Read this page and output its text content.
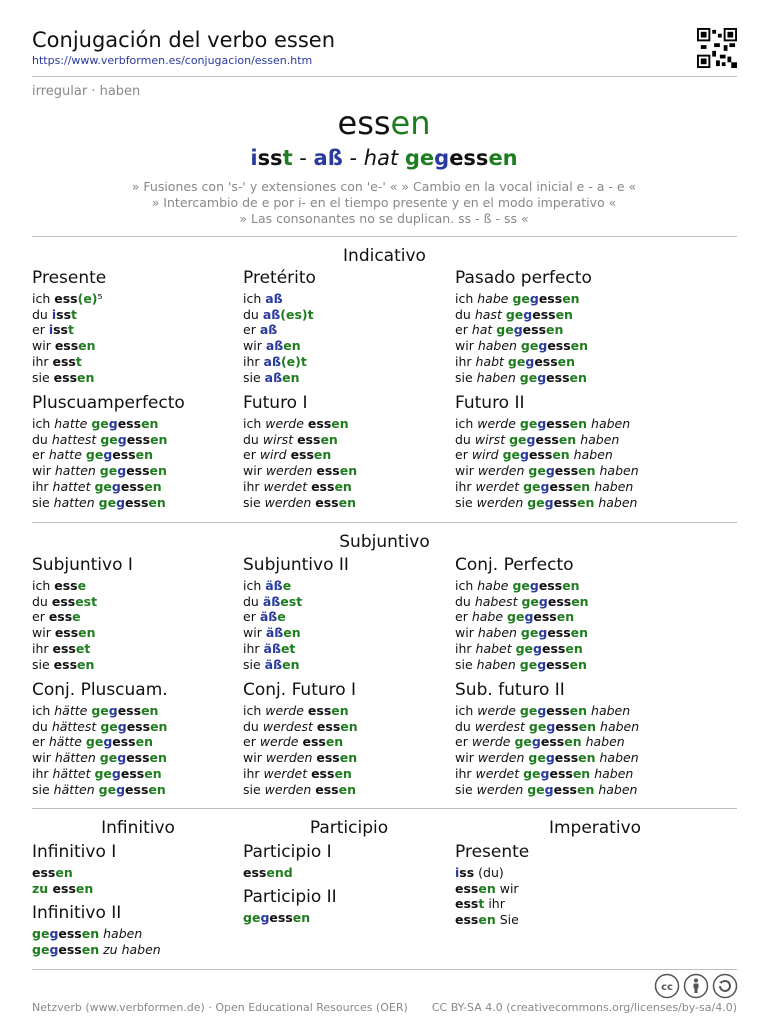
Conjugación del verbo essen
https://www.verbformen.es/conjugacion/essen.htm
irregular · haben
essen
isst - aß - hat gegessen
» Fusiones con 's-' y extensiones con 'e-' « » Cambio en la vocal inicial e - a - e «
» Intercambio de e por i- en el tiempo presente y en el modo imperativo «
» Las consonantes no se duplican. ss - ß - ss «
Indicativo
Presente
ich ess(e)⁵
du isst
er isst
wir essen
ihr esst
sie essen
Pretérito
ich aß
du aß(es)t
er aß
wir aßen
ihr aß(e)t
sie aßen
Pasado perfecto
ich habe gegessen
du hast gegessen
er hat gegessen
wir haben gegessen
ihr habt gegessen
sie haben gegessen
Pluscuamperfecto
ich hatte gegessen
du hattest gegessen
er hatte gegessen
wir hatten gegessen
ihr hattet gegessen
sie hatten gegessen
Futuro I
ich werde essen
du wirst essen
er wird essen
wir werden essen
ihr werdet essen
sie werden essen
Futuro II
ich werde gegessen haben
du wirst gegessen haben
er wird gegessen haben
wir werden gegessen haben
ihr werdet gegessen haben
sie werden gegessen haben
Subjuntivo
Subjuntivo I
ich esse
du essest
er esse
wir essen
ihr esset
sie essen
Subjuntivo II
ich äße
du äßest
er äße
wir äßen
ihr äßet
sie äßen
Conj. Perfecto
ich habe gegessen
du habest gegessen
er habe gegessen
wir haben gegessen
ihr habet gegessen
sie haben gegessen
Conj. Pluscuam.
ich hätte gegessen
du hättest gegessen
er hätte gegessen
wir hätten gegessen
ihr hättet gegessen
sie hätten gegessen
Conj. Futuro I
ich werde essen
du werdest essen
er werde essen
wir werden essen
ihr werdet essen
sie werden essen
Sub. futuro II
ich werde gegessen haben
du werdest gegessen haben
er werde gegessen haben
wir werden gegessen haben
ihr werdet gegessen haben
sie werden gegessen haben
Infinitivo	Participio	Imperativo
Infinitivo I
essen
zu essen
Infinitivo II
gegessen haben
gegessen zu haben
Participio I
essend
Participio II
gegessen
Presente
iss (du)
essen wir
esst ihr
essen Sie
cc
Netzverb (www.verbformen.de) · Open Educational Resources (OER) CC BY-SA 4.0 (creativecommons.org/licenses/by-sa/4.0)
